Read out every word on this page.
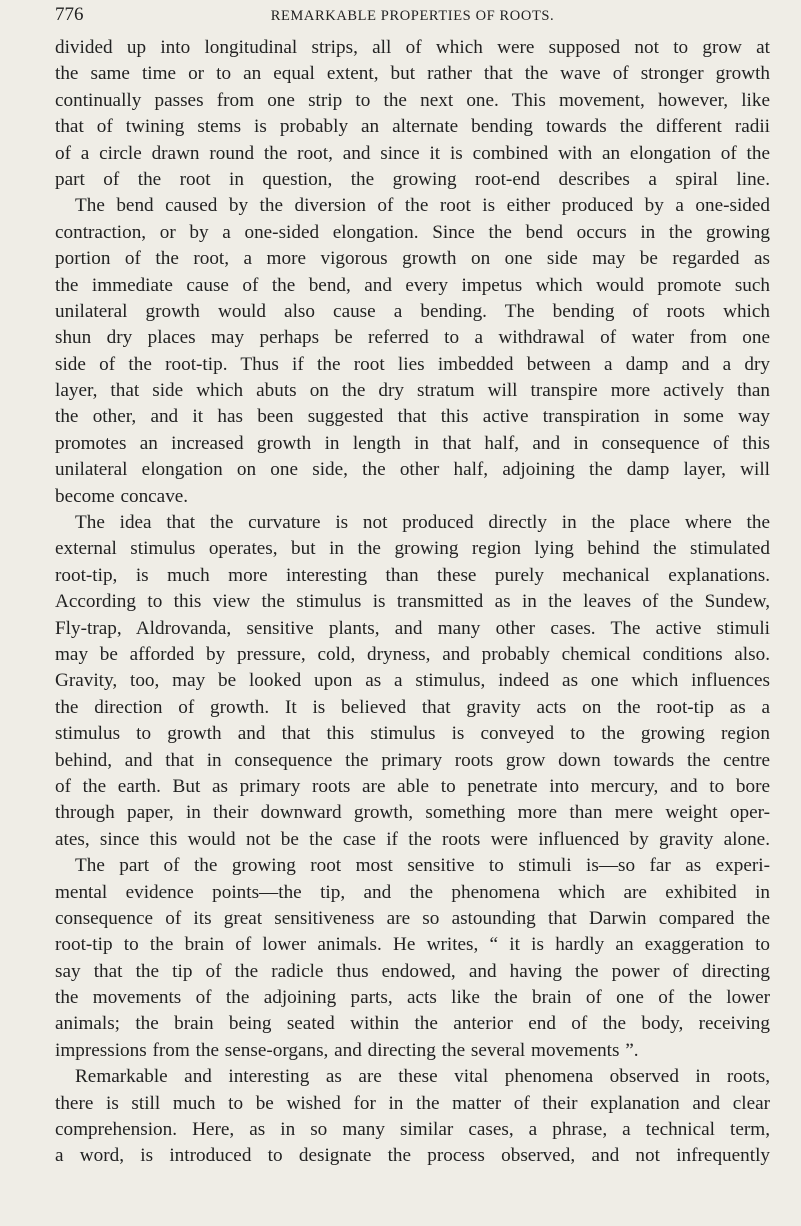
776	REMARKABLE PROPERTIES OF ROOTS.
divided up into longitudinal strips, all of which were supposed not to grow at
the same time or to an equal extent, but rather that the wave of stronger growth
continually passes from one strip to the next one. This movement, however, like
that of twining stems is probably an alternate bending towards the different radii
of a circle drawn round the root, and since it is combined with an elongation of the
part of the root in question, the growing root-end describes a spiral line.
The bend caused by the diversion of the root is either produced by a one-sided
contraction, or by a one-sided elongation. Since the bend occurs in the growing
portion of the root, a more vigorous growth on one side may be regarded as
the immediate cause of the bend, and every impetus which would promote such
unilateral growth would also cause a bending. The bending of roots which
shun dry places may perhaps be referred to a withdrawal of water from one
side of the root-tip. Thus if the root lies imbedded between a damp and a dry
layer, that side which abuts on the dry stratum will transpire more actively than
the other, and it has been suggested that this active transpiration in some way
promotes an increased growth in length in that half, and in consequence of this
unilateral elongation on one side, the other half, adjoining the damp layer, will
become concave.
The idea that the curvature is not produced directly in the place where the
external stimulus operates, but in the growing region lying behind the stimulated
root-tip, is much more interesting than these purely mechanical explanations.
According to this view the stimulus is transmitted as in the leaves of the Sundew,
Fly-trap, Aldrovanda, sensitive plants, and many other cases. The active stimuli
may be afforded by pressure, cold, dryness, and probably chemical conditions also.
Gravity, too, may be looked upon as a stimulus, indeed as one which influences
the direction of growth. It is believed that gravity acts on the root-tip as a
stimulus to growth and that this stimulus is conveyed to the growing region
behind, and that in consequence the primary roots grow down towards the centre
of the earth. But as primary roots are able to penetrate into mercury, and to bore
through paper, in their downward growth, something more than mere weight oper-
ates, since this would not be the case if the roots were influenced by gravity alone.
The part of the growing root most sensitive to stimuli is—so far as experi-
mental evidence points—the tip, and the phenomena which are exhibited in
consequence of its great sensitiveness are so astounding that Darwin compared the
root-tip to the brain of lower animals. He writes, “ it is hardly an exaggeration to
say that the tip of the radicle thus endowed, and having the power of directing
the movements of the adjoining parts, acts like the brain of one of the lower
animals; the brain being seated within the anterior end of the body, receiving
impressions from the sense-organs, and directing the several movements ”.
Remarkable and interesting as are these vital phenomena observed in roots,
there is still much to be wished for in the matter of their explanation and clear
comprehension. Here, as in so many similar cases, a phrase, a technical term,
a word, is introduced to designate the process observed, and not infrequently
